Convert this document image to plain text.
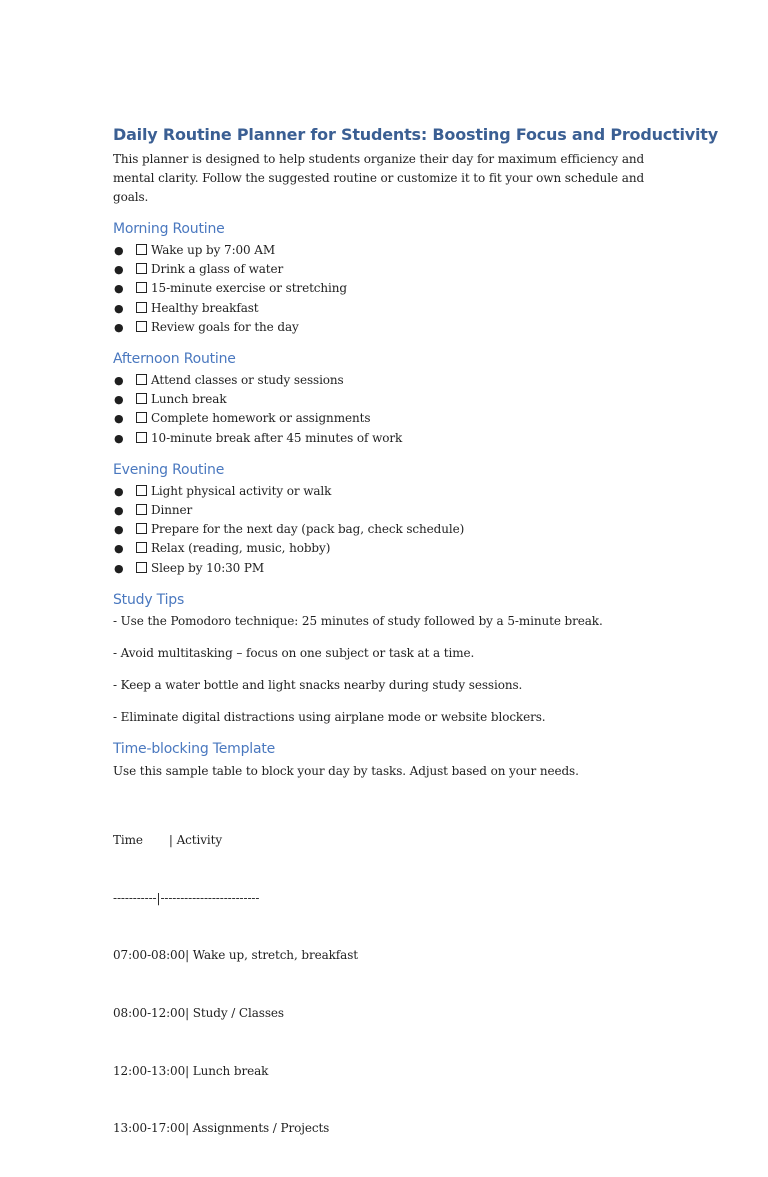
Daily Routine Planner for Students: Boosting Focus and Productivity

This planner is designed to help students organize their day for maximum efficiency and mental clarity. Follow the suggested routine or customize it to fit your own schedule and goals.

Morning Routine
● Wake up by 7:00 AM
● Drink a glass of water
● 15-minute exercise or stretching
● Healthy breakfast
● Review goals for the day
Afternoon Routine
● Attend classes or study sessions
● Lunch break
● Complete homework or assignments
● 10-minute break after 45 minutes of work
Evening Routine
● Light physical activity or walk
● Dinner
● Prepare for the next day (pack bag, check schedule)
● Relax (reading, music, hobby)
● Sleep by 10:30 PM
Study Tips

- Use the Pomodoro technique: 25 minutes of study followed by a 5-minute break.

- Avoid multitasking – focus on one subject or task at a time.

- Keep a water bottle and light snacks nearby during study sessions.

- Eliminate digital distractions using airplane mode or website blockers.

Time-blocking Template

Use this sample table to block your day by tasks. Adjust based on your needs.

Time       | Activity

-----------|-------------------------

07:00-08:00| Wake up, stretch, breakfast

08:00-12:00| Study / Classes

12:00-13:00| Lunch break

13:00-17:00| Assignments / Projects
